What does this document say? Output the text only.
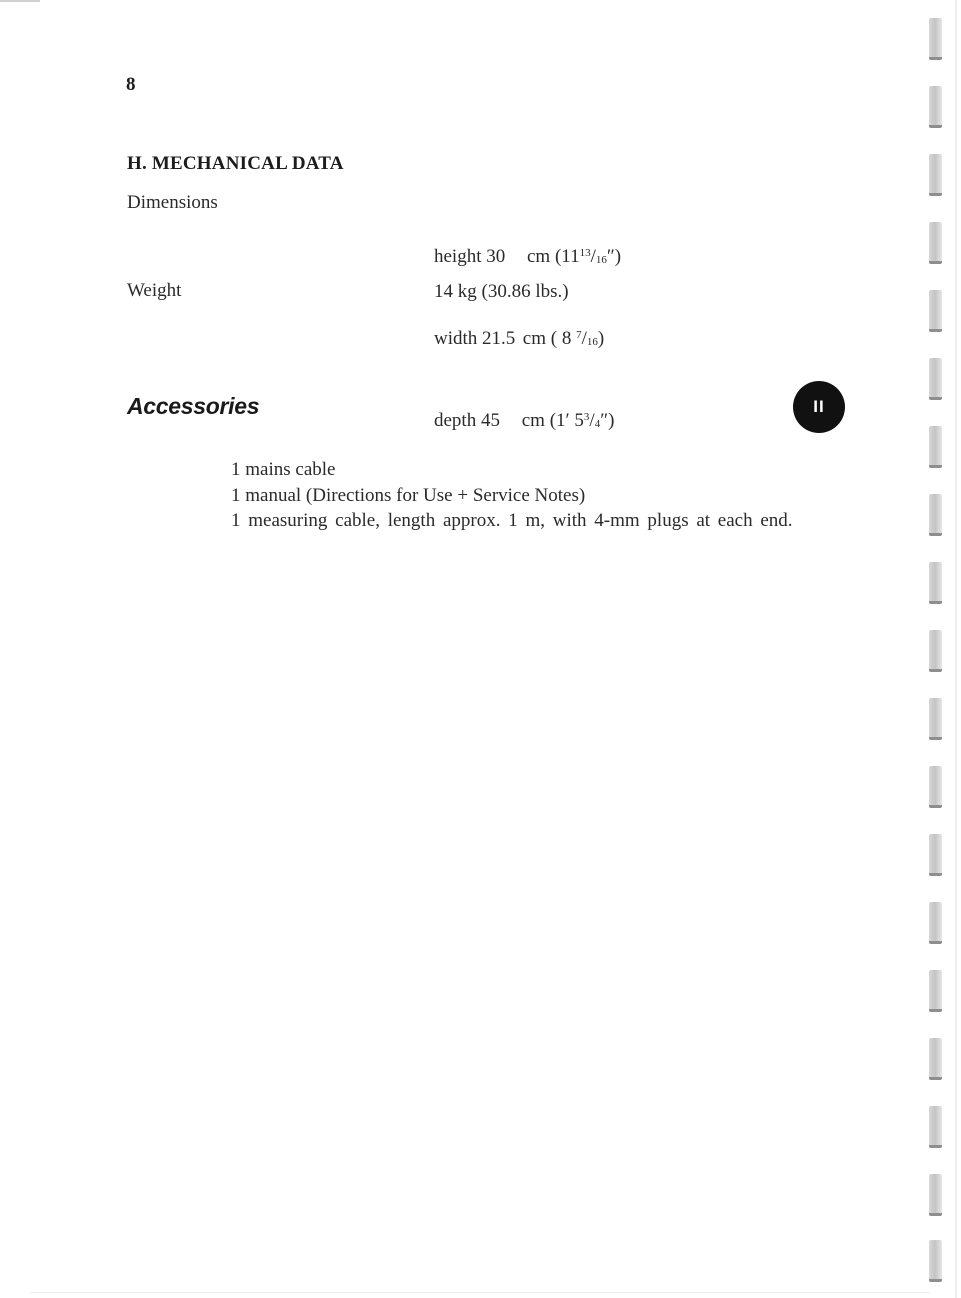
8
H. MECHANICAL DATA
Dimensions

height 30 cm $(11^{13}/16'')$

width 21.5 cm ( 8 $^7$/16)

depth 45 cm (1′ $5^3/4''$)

Weight	14 kg (30.86 lbs.)
Accessories	II
1 mains cable
1 manual (Directions for Use + Service Notes)
1 measuring cable, length approx. 1 m, with 4-mm plugs at each end.
